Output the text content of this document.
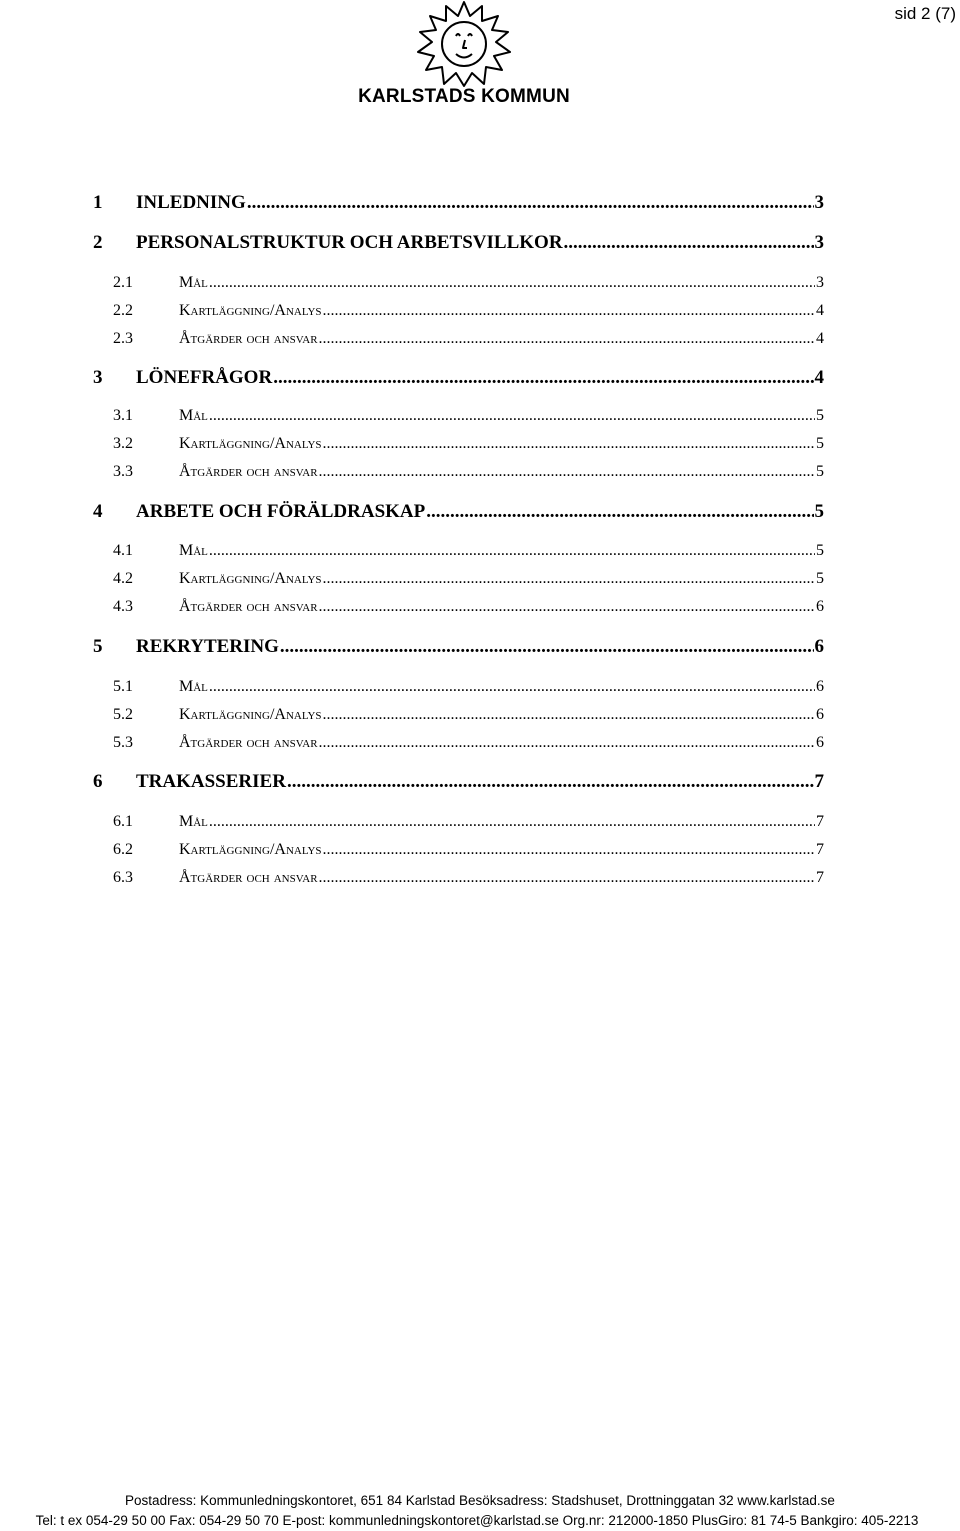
sid 2 (7)
KARLSTADS KOMMUN
1	INLEDNING .....	3
2	PERSONALSTRUKTUR OCH ARBETSVILLKOR .....	3
2.1	Mål .....	3
2.2	Kartläggning/Analys .....	4
2.3	Åtgärder och ansvar .....	4
3	LÖNEFRÅGOR .....	4
3.1	Mål .....	5
3.2	Kartläggning/Analys .....	5
3.3	Åtgärder och ansvar .....	5
4	ARBETE OCH FÖRÄLDRASKAP .....	5
4.1	Mål .....	5
4.2	Kartläggning/Analys .....	5
4.3	Åtgärder och ansvar .....	6
5	REKRYTERING .....	6
5.1	Mål .....	6
5.2	Kartläggning/Analys .....	6
5.3	Åtgärder och ansvar .....	6
6	TRAKASSERIER .....	7
6.1	Mål .....	7
6.2	Kartläggning/Analys .....	7
6.3	Åtgärder och ansvar .....	7
Postadress: Kommunledningskontoret, 651 84 Karlstad Besöksadress: Stadshuset, Drottninggatan 32 www.karlstad.se
Tel: t ex 054-29 50 00 Fax: 054-29 50 70 E-post: kommunledningskontoret@karlstad.se Org.nr: 212000-1850 PlusGiro: 81 74-5 Bankgiro: 405-2213
